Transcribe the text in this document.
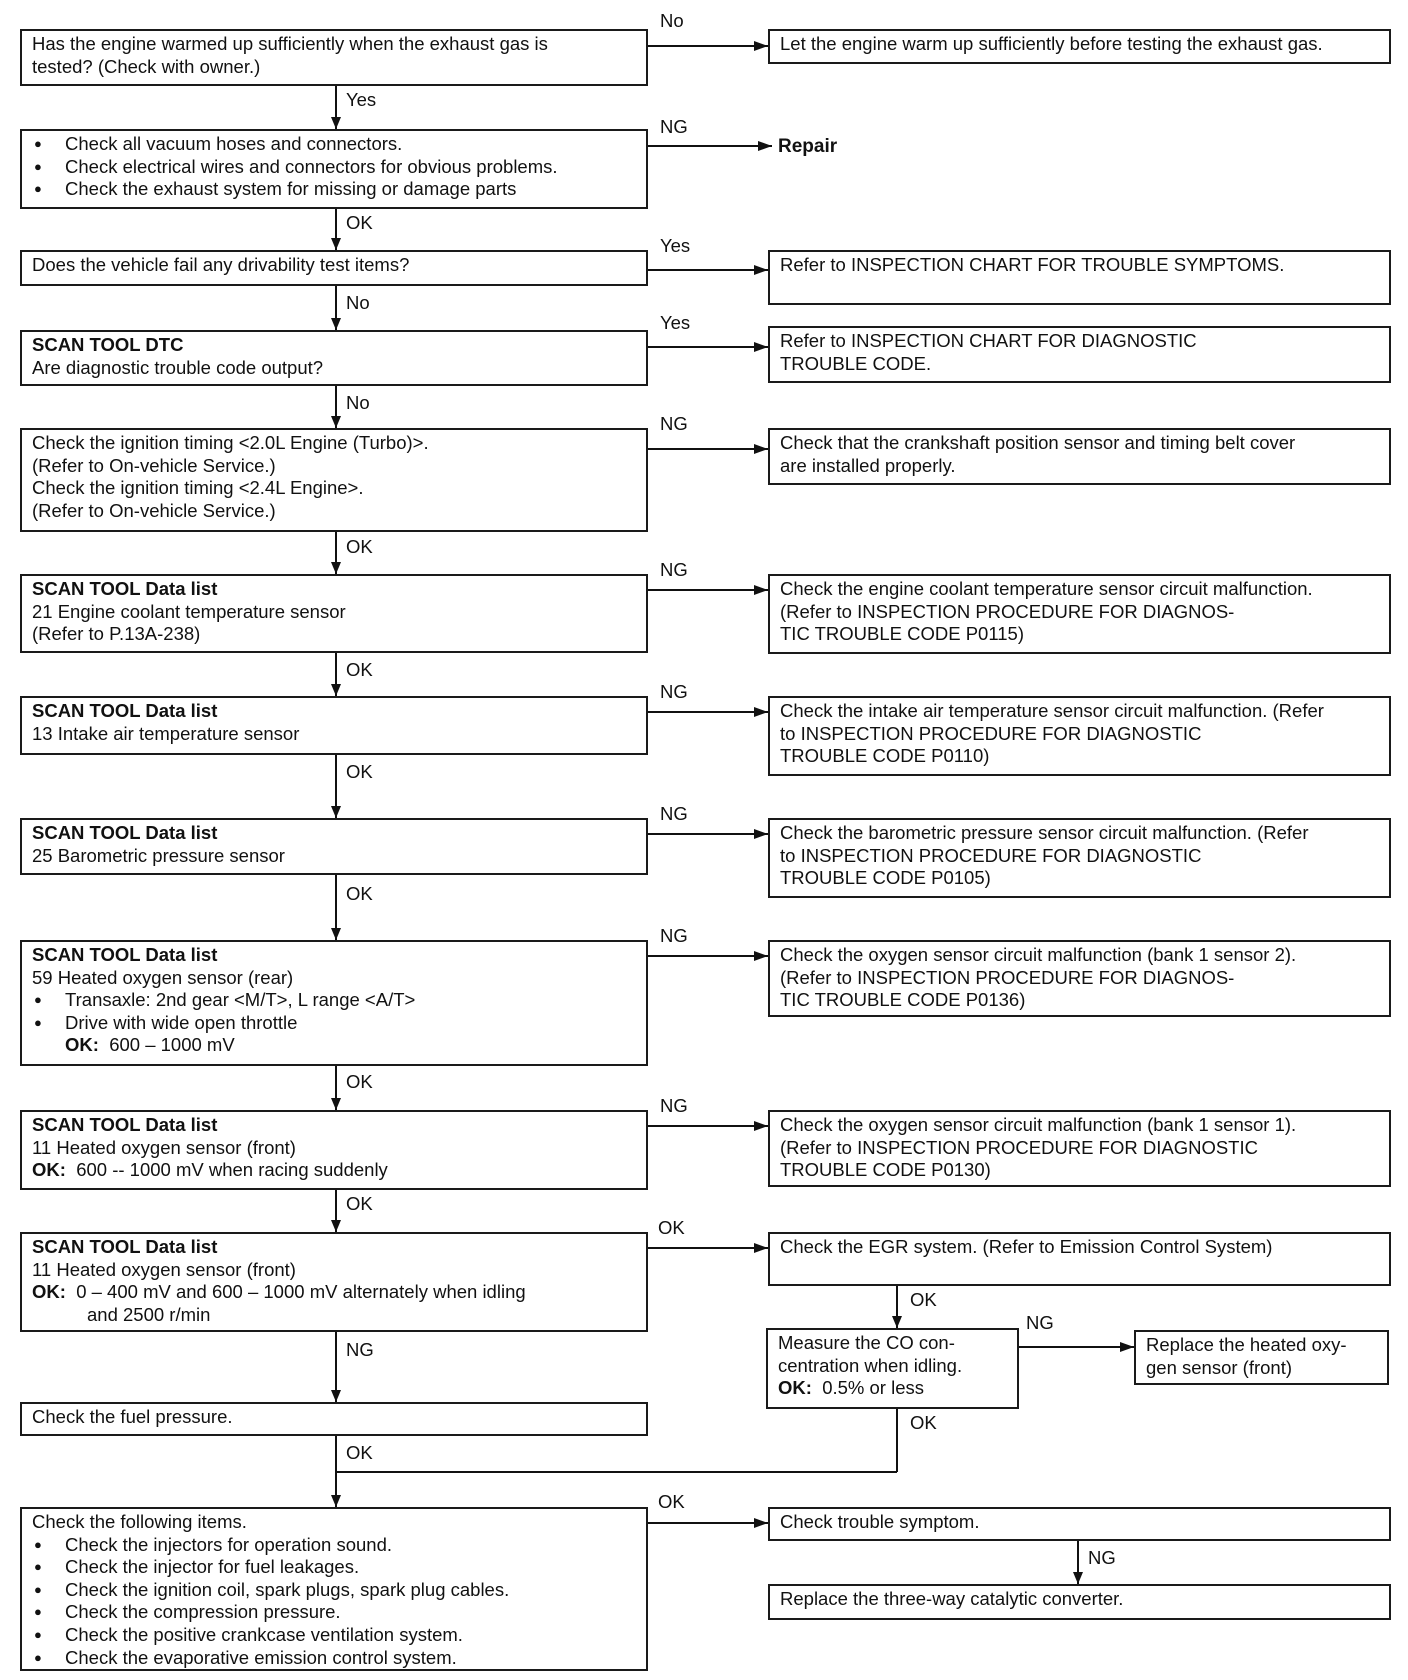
Has the engine warmed up sufficiently when the exhaust gas is
tested? (Check with owner.)
Let the engine warm up sufficiently before testing the exhaust gas.
● Check all vacuum hoses and connectors.
● Check electrical wires and connectors for obvious problems.
● Check the exhaust system for missing or damage parts
Does the vehicle fail any drivability test items?	Refer to INSPECTION CHART FOR TROUBLE SYMPTOMS.
SCAN TOOL DTC
Are diagnostic trouble code output?
Refer to INSPECTION CHART FOR DIAGNOSTIC
TROUBLE CODE.
Check the ignition timing <2.0L Engine (Turbo)>.
(Refer to On-vehicle Service.)
Check the ignition timing <2.4L Engine>.
(Refer to On-vehicle Service.)
Check that the crankshaft position sensor and timing belt cover
are installed properly.
SCAN TOOL Data list
21 Engine coolant temperature sensor
(Refer to P.13A-238)
Check the engine coolant temperature sensor circuit malfunction.
(Refer to INSPECTION PROCEDURE FOR DIAGNOS-
TIC TROUBLE CODE P0115)
SCAN TOOL Data list
13 Intake air temperature sensor
Check the intake air temperature sensor circuit malfunction. (Refer
to INSPECTION PROCEDURE FOR DIAGNOSTIC
TROUBLE CODE P0110)
SCAN TOOL Data list
25 Barometric pressure sensor
Check the barometric pressure sensor circuit malfunction. (Refer
to INSPECTION PROCEDURE FOR DIAGNOSTIC
TROUBLE CODE P0105)
SCAN TOOL Data list
59 Heated oxygen sensor (rear)
● Transaxle: 2nd gear <M/T>, L range <A/T>
● Drive with wide open throttle
OK: 600 – 1000 mV
Check the oxygen sensor circuit malfunction (bank 1 sensor 2).
(Refer to INSPECTION PROCEDURE FOR DIAGNOS-
TIC TROUBLE CODE P0136)
SCAN TOOL Data list
11 Heated oxygen sensor (front)
OK: 600 -- 1000 mV when racing suddenly
Check the oxygen sensor circuit malfunction (bank 1 sensor 1).
(Refer to INSPECTION PROCEDURE FOR DIAGNOSTIC
TROUBLE CODE P0130)
SCAN TOOL Data list
11 Heated oxygen sensor (front)
OK: 0 – 400 mV and 600 – 1000 mV alternately when idling
and 2500 r/min
Check the EGR system. (Refer to Emission Control System)
Measure the CO con-
centration when idling.
OK: 0.5% or less
Replace the heated oxy-
gen sensor (front)
Check the fuel pressure.
Check the following items.
● Check the injectors for operation sound.
● Check the injector for fuel leakages.
● Check the ignition coil, spark plugs, spark plug cables.
● Check the compression pressure.
● Check the positive crankcase ventilation system.
● Check the evaporative emission control system.
Check trouble symptom.
Replace the three-way catalytic converter.
Repair
No
Yes
NG
OK
Yes
No
Yes
No
NG
OK
NG
OK
NG
OK
NG
OK
NG
OK
NG
OK
OK
OK
NG
NG
OK
OK
OK
NG
